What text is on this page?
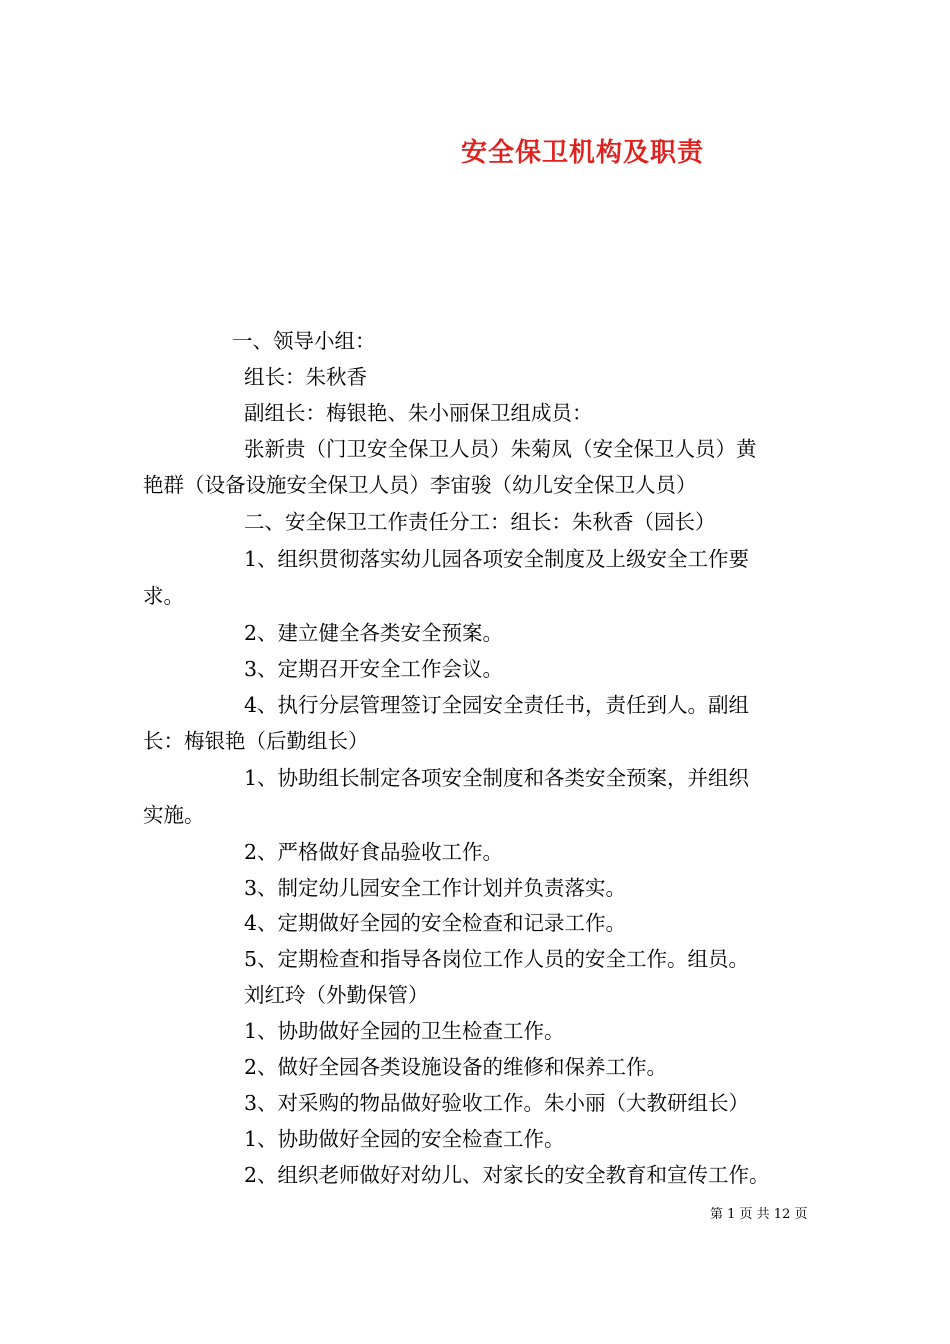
安全保卫机构及职责
一、领导小组：
组长：朱秋香
副组长：梅银艳、朱小丽保卫组成员：
张新贵（门卫安全保卫人员）朱菊凤（安全保卫人员）黄
艳群（设备设施安全保卫人员）李宙骏（幼儿安全保卫人员）
二、安全保卫工作责任分工：组长：朱秋香（园长）
1、组织贯彻落实幼儿园各项安全制度及上级安全工作要
求。
2、建立健全各类安全预案。
3、定期召开安全工作会议。
4、执行分层管理签订全园安全责任书，责任到人。副组
长：梅银艳（后勤组长）
1、协助组长制定各项安全制度和各类安全预案，并组织
实施。
2、严格做好食品验收工作。
3、制定幼儿园安全工作计划并负责落实。
4、定期做好全园的安全检查和记录工作。
5、定期检查和指导各岗位工作人员的安全工作。组员。
刘红玲（外勤保管）
1、协助做好全园的卫生检查工作。
2、做好全园各类设施设备的维修和保养工作。
3、对采购的物品做好验收工作。朱小丽（大教研组长）
1、协助做好全园的安全检查工作。
2、组织老师做好对幼儿、对家长的安全教育和宣传工作。
第 1 页 共 12 页
